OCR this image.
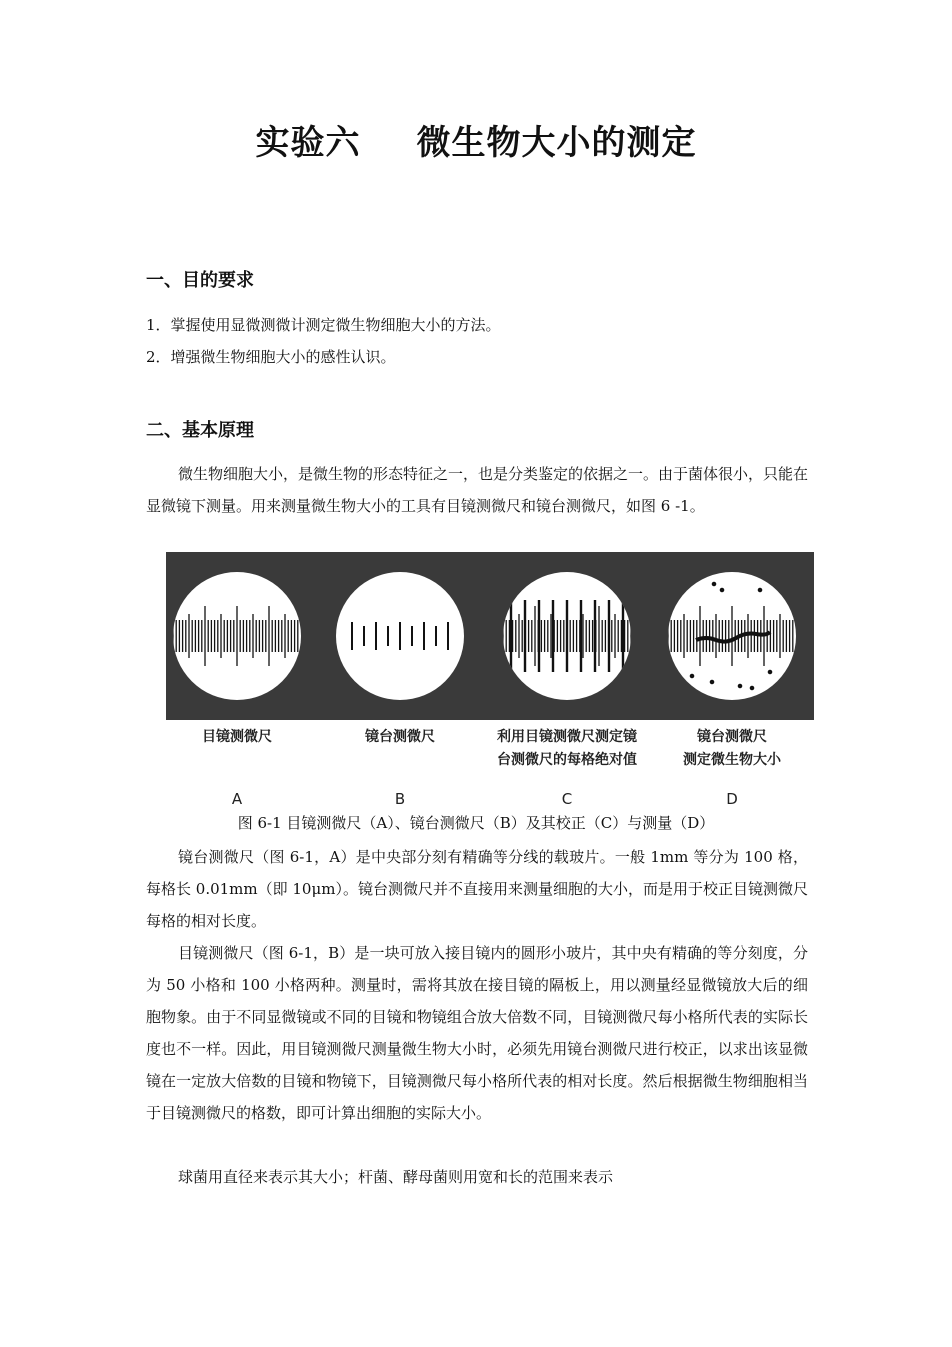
实验六 微生物大小的测定
一、目的要求
1．掌握使用显微测微计测定微生物细胞大小的方法。
2．增强微生物细胞大小的感性认识。
二、基本原理
微生物细胞大小，是微生物的形态特征之一，也是分类鉴定的依据之一。由于菌体很小，只能在显微镜下测量。用来测量微生物大小的工具有目镜测微尺和镜台测微尺，如图 6 -1。
目镜测微尺
A
镜台测微尺
B
利用目镜测微尺测定镜台测微尺的每格绝对值
C
镜台测微尺测定微生物大小
D
图 6-1 目镜测微尺（A）、镜台测微尺（B）及其校正（C）与测量（D）
镜台测微尺（图 6-1，A）是中央部分刻有精确等分线的载玻片。一般 1mm 等分为 100 格，每格长 0.01mm（即 10μm）。镜台测微尺并不直接用来测量细胞的大小，而是用于校正目镜测微尺每格的相对长度。
目镜测微尺（图 6-1，B）是一块可放入接目镜内的圆形小玻片，其中央有精确的等分刻度，分为 50 小格和 100 小格两种。测量时，需将其放在接目镜的隔板上，用以测量经显微镜放大后的细胞物象。由于不同显微镜或不同的目镜和物镜组合放大倍数不同，目镜测微尺每小格所代表的实际长度也不一样。因此，用目镜测微尺测量微生物大小时，必须先用镜台测微尺进行校正，以求出该显微镜在一定放大倍数的目镜和物镜下，目镜测微尺每小格所代表的相对长度。然后根据微生物细胞相当于目镜测微尺的格数，即可计算出细胞的实际大小。
球菌用直径来表示其大小；杆菌、酵母菌则用宽和长的范围来表示
